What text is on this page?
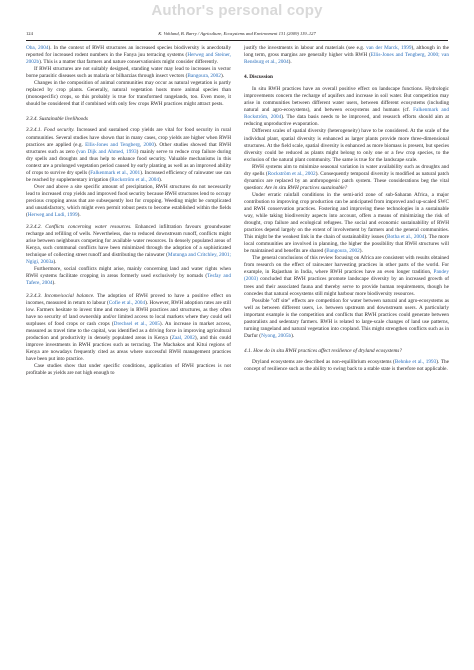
Author's personal copy
124	K. Vohland, B. Barry / Agriculture, Ecosystems and Environment 131 (2009) 119–127

Oba, 2004). In the context of RWH structures an increased species biodiversity is anecdotally reported for increased rodent numbers in the Fanya juu terracing systems (Herweg and Steiner, 2002b). This is a matter that farmers and nature conservationists might consider differently.

If RWH structures are not suitably designed, standing water may lead to increases in vector borne parasitic diseases such as malaria or bilharzias through insect vectors (Bangoura, 2002).

Changes in the composition of animal communities may occur as natural vegetation is partly replaced by crop plants. Generally, natural vegetation hosts more animal species than (monospecific) crops, so this probably is true for transformed rangelands, too. Even more, it should be considered that if combined with only few crops RWH practices might attract pests.

3.3.4. Sustainable livelihoods

3.3.4.1. Food security. Increased and sustained crop yields are vital for food security in rural communities. Several studies have shown that in many cases, crop yields are higher when RWH practices are applied (e.g. Ellis-Jones and Tengberg, 2000). Other studies showed that RWH structures such as zero (van Dijk and Ahmed, 1993) mainly serve to reduce crop failure during dry spells and droughts and thus help to enhance food security. Valuable mechanisms in this context are a prolonged vegetation period caused by early planting as well as an improved ability of crops to survive dry spells (Falkenmark et al., 2001). Increased efficiency of rainwater use can be reached by supplementary irrigation (Rockström et al., 2004).

Over and above a site specific amount of precipitation, RWH structures do not necessarily lead to increased crop yields and improved food security because RWH structures lend to occupy precious cropping areas that are subsequently lost for cropping. Weeding might be complicated and unsatisfactory, which might even permit robust pests to become established within the fields (Herweg and Ludi, 1999).

3.3.4.2. Conflicts concerning water resources. Enhanced infiltration favours groundwater recharge and refilling of wells. Nevertheless, due to reduced downstream runoff, conflicts might arise between neighbours competing for available water resources. In densely populated areas of Kenya, such communal conflicts have been minimized through the adoption of a sophisticated technique of collecting street runoff and distributing the rainwater (Mutunga and Critchley, 2001; Ngigi, 2003a).

Furthermore, social conflicts might arise, mainly concerning land and water rights when RWH systems facilitate cropping in areas formerly used exclusively by nomads (Tesfay and Tafere, 2004).

3.3.4.3. Income/social balance. The adoption of RWH proved to have a positive effect on incomes, measured in return to labour (Cofie et al., 2004). However, RWH adoption rates are still low. Farmers hesitate to invest time and money in RWH practices and structures, as they often have no security of land ownership and/or limited access to local markets where they could sell surpluses of food crops or cash crops (Drechsel et al., 2005). An increase in market access, measured as travel time to the capital, was identified as a driving force in improving agricultural production and productivity in densely populated areas in Kenya (Zaal, 2002), and this could improve investments in RWH practices such as terracing. The Machakos and Kitui regions of Kenya are nowadays frequently cited as areas where successful RWH management practices have been put into practice.

Case studies show that under specific conditions, application of RWH practices is not profitable as yields are not high enough to

justify the investments in labour and materials (see e.g. van der Marck, 1999), although in the long term, gross margins are generally higher with RWH (Ellis-Jones and Tengberg, 2000; van Rensburg et al., 2004).

4. Discussion

In situ RWH practices have an overall positive effect on landscape functions. Hydrologic improvements concern the recharge of aquifers and increase in soil water. But competition may arise in communities between different water users, between different ecosystems (including natural and agro-ecosystems), and between ecosystems and humans (cf. Falkenmark and Rockström, 2004). The data basis needs to be improved, and research efforts should aim at reducing unproductive evaporation.

Different scales of spatial diversity (heterogeneity) have to be considered. At the scale of the individual plant, spatial diversity is enhanced as larger plants provide more three-dimensional structures. At the field scale, spatial diversity is enhanced as more biomass is present, but species diversity could be reduced as plants might belong to only one or a few crop species, to the exclusion of the natural plant community. The same is true for the landscape scale.

RWH systems aim to minimize seasonal variation in water availability such as droughts and dry spells (Rockström et al., 2002). Consequently temporal diversity is modified as natural patch dynamics are replaced by an anthropogenic patch system. These considerations beg the vital question: Are in situ RWH practices sustainable?

Under erratic rainfall conditions in the semi-arid zone of sub-Saharan Africa, a major contribution to improving crop production can be anticipated from improved and up-scaled SWC and RWH conservation practices. Fostering and improving these technologies in a sustainable way, while taking biodiversity aspects into account, offers a means of minimizing the risk of drought, crop failure and ecological refugees. The social and economic sustainability of RWH practices depend largely on the extent of involvement by farmers and the general communities. This might be the weakest link in the chain of sustainability issues (Botha et al., 2004). The more local communities are involved in planning, the higher the possibility that RWH structures will be maintained and benefits are shared (Bangoura, 2002).

The general conclusions of this review focusing on Africa are consistent with results obtained from research on the effect of rainwater harvesting practices in other parts of the world. For example, in Rajasthan in India, where RWH practices have an even longer tradition, Pandey (2003) concluded that RWH practices promote landscape diversity by an increased growth of trees and their associated fauna and thereby serve to provide human requirements, though he concedes that natural ecosystems still might harbour more biodiversity resources.

Possible "off site" effects are competition for water between natural and agro-ecosystems as well as between different users, i.e. between upstream and downstream users. A particularly important example is the competition and conflicts that RWH practices could generate between pastoralists and sedentary farmers. RWH is related to large-scale changes of land use patterns, turning rangeland and natural vegetation into cropland. This might strengthen conflicts such as in Darfur (Nyong, 2005b).

4.1. How do in situ RWH practices affect resilience of dryland ecosystems?

Dryland ecosystems are described as non-equilibrium ecosystems (Behnke et al., 1993). The concept of resilience such as the ability to swing back to a stable state is therefore not applicable.
